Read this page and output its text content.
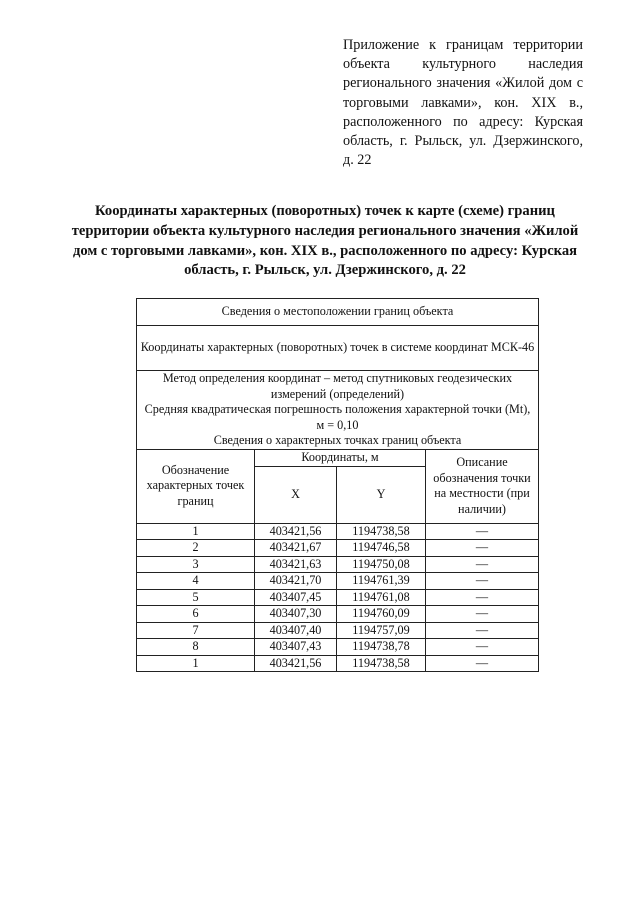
Приложение к границам территории объекта культурного наследия регионального значения «Жилой дом с торговыми лавками», кон. XIX в., расположенного по адресу: Курская область, г. Рыльск, ул. Дзержинского, д. 22
Координаты характерных (поворотных) точек к карте (схеме) границ территории объекта культурного наследия регионального значения «Жилой дом с торговыми лавками», кон. XIX в., расположенного по адресу: Курская область, г. Рыльск, ул. Дзержинского, д. 22
Сведения о местоположении границ объекта			
Координаты характерных (поворотных) точек в системе координат МСК-46			

Метод определения координат – метод спутниковых геодезических измерений (определений)
Средняя квадратическая погрешность положения характерной точки (Mt), м = 0,10
Сведения о характерных точках границ объекта			

Обозначение характерных точек границ	Координаты, м		Описание обозначения точки на местности (при наличии)
	X	Y	
1	403421,56	1194738,58	—
2	403421,67	1194746,58	—
3	403421,63	1194750,08	—
4	403421,70	1194761,39	—
5	403407,45	1194761,08	—
6	403407,30	1194760,09	—
7	403407,40	1194757,09	—
8	403407,43	1194738,78	—
1	403421,56	1194738,58	—
